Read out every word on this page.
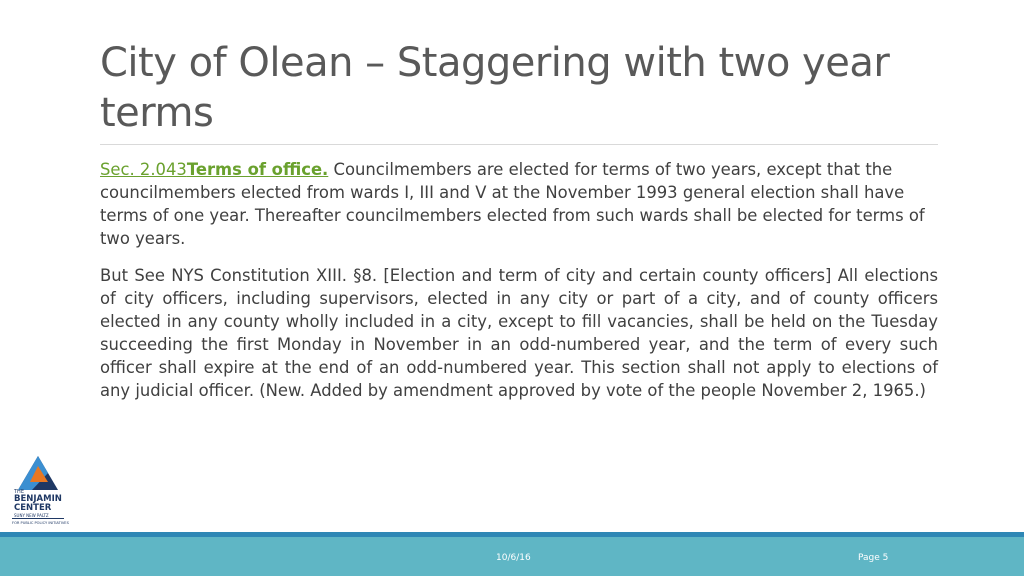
City of Olean – Staggering with two year terms

Sec. 2.043Terms of office. Councilmembers are elected for terms of two years, except that the councilmembers elected from wards I, III and V at the November 1993 general election shall have terms of one year. Thereafter councilmembers elected from such wards shall be elected for terms of two years.

But See NYS Constitution XIII. §8. [Election and term of city and certain county officers] All elections of city officers, including supervisors, elected in any city or part of a city, and of county officers elected in any county wholly included in a city, except to fill vacancies, shall be held on the Tuesday succeeding the first Monday in November in an odd-numbered year, and the term of every such officer shall expire at the end of an odd-numbered year. This section shall not apply to elections of any judicial officer. (New. Added by amendment approved by vote of the people November 2, 1965.)

THE
BENJAMIN
CENTER
SUNY NEW PALTZ
FOR PUBLIC POLICY INITIATIVES
10/6/16	Page 5
